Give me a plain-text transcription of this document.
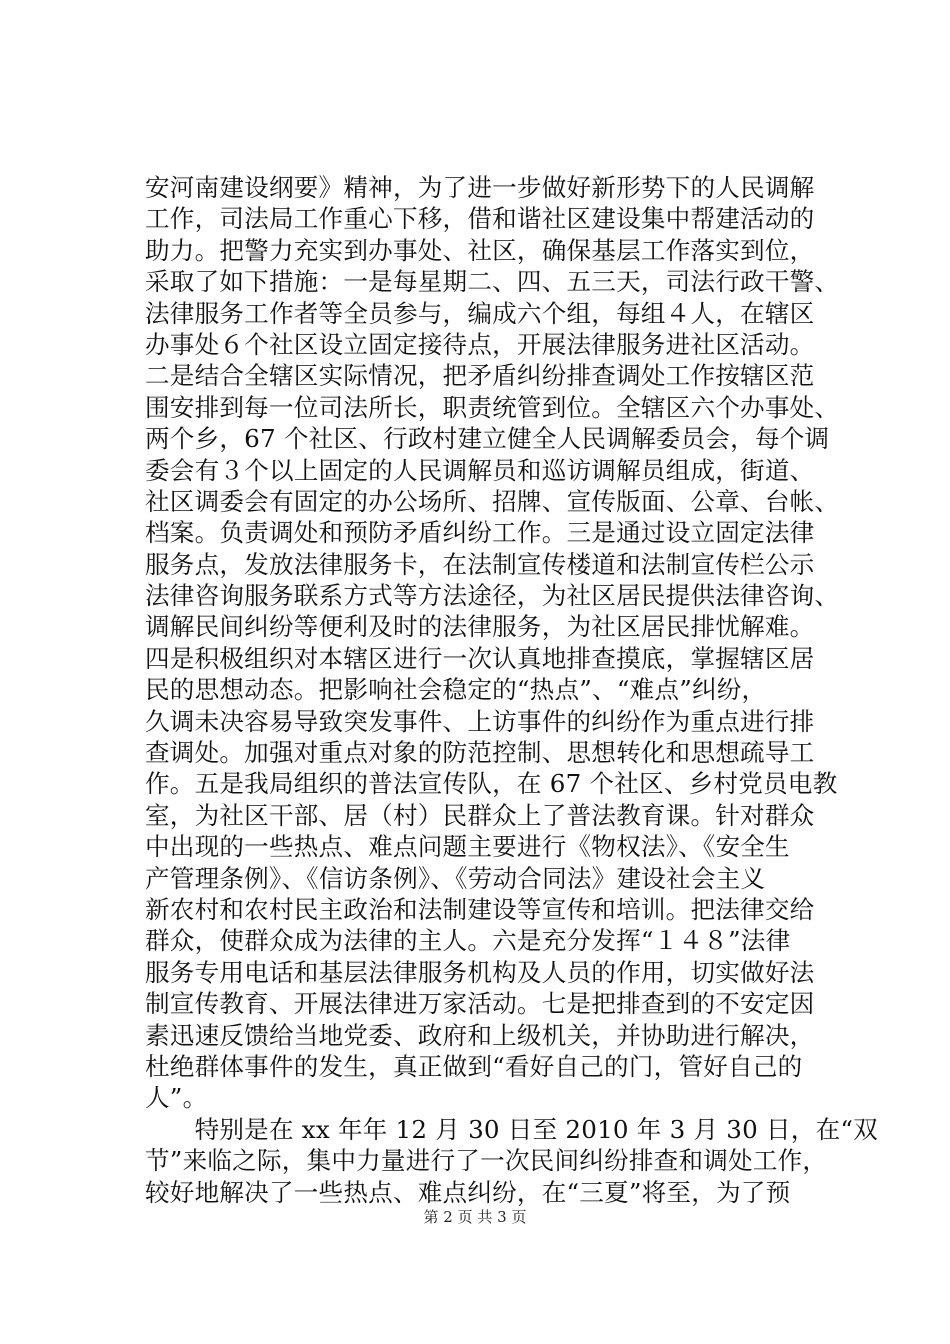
安河南建设纲要》精神，为了进一步做好新形势下的人民调解
工作，司法局工作重心下移，借和谐社区建设集中帮建活动的
助力。把警力充实到办事处、社区，确保基层工作落实到位，
采取了如下措施：一是每星期二、四、五三天，司法行政干警、
法律服务工作者等全员参与，编成六个组，每组４人，在辖区
办事处６个社区设立固定接待点，开展法律服务进社区活动。
二是结合全辖区实际情况，把矛盾纠纷排查调处工作按辖区范
围安排到每一位司法所长，职责统管到位。全辖区六个办事处、
两个乡，67 个社区、行政村建立健全人民调解委员会，每个调
委会有３个以上固定的人民调解员和巡访调解员组成，街道、
社区调委会有固定的办公场所、招牌、宣传版面、公章、台帐、
档案。负责调处和预防矛盾纠纷工作。三是通过设立固定法律
服务点，发放法律服务卡，在法制宣传楼道和法制宣传栏公示
法律咨询服务联系方式等方法途径，为社区居民提供法律咨询、
调解民间纠纷等便利及时的法律服务，为社区居民排忧解难。
四是积极组织对本辖区进行一次认真地排查摸底，掌握辖区居
民的思想动态。把影响社会稳定的“热点”、“难点”纠纷，
久调未决容易导致突发事件、上访事件的纠纷作为重点进行排
查调处。加强对重点对象的防范控制、思想转化和思想疏导工
作。五是我局组织的普法宣传队，在 67 个社区、乡村党员电教
室，为社区干部、居（村）民群众上了普法教育课。针对群众
中出现的一些热点、难点问题主要进行《物权法》、《安全生
产管理条例》、《信访条例》、《劳动合同法》建设社会主义
新农村和农村民主政治和法制建设等宣传和培训。把法律交给
群众，使群众成为法律的主人。六是充分发挥“１４８”法律
服务专用电话和基层法律服务机构及人员的作用，切实做好法
制宣传教育、开展法律进万家活动。七是把排查到的不安定因
素迅速反馈给当地党委、政府和上级机关，并协助进行解决，
杜绝群体事件的发生，真正做到“看好自己的门，管好自己的
人”。
　　特别是在 xx 年年 12 月 30 日至 2010 年 3 月 30 日，在“双
节”来临之际，集中力量进行了一次民间纠纷排查和调处工作，
较好地解决了一些热点、难点纠纷，在“三夏”将至，为了预
第 2 页 共 3 页
